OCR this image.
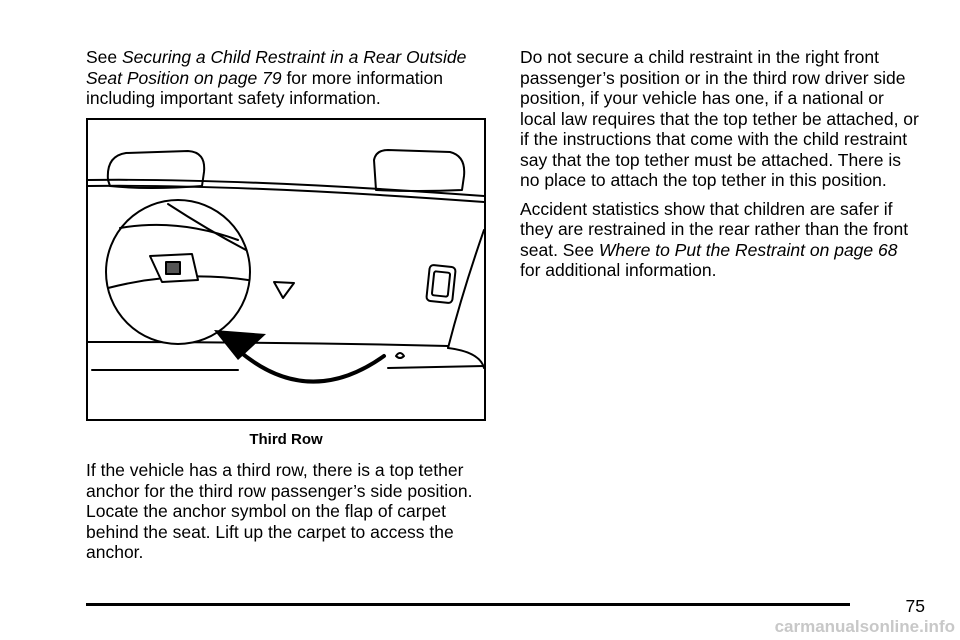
See Securing a Child Restraint in a Rear Outside Seat Position on page 79 for more information including important safety information.

Third Row

If the vehicle has a third row, there is a top tether anchor for the third row passenger’s side position. Locate the anchor symbol on the flap of carpet behind the seat. Lift up the carpet to access the anchor.

Do not secure a child restraint in the right front passenger’s position or in the third row driver side position, if your vehicle has one, if a national or local law requires that the top tether be attached, or if the instructions that come with the child restraint say that the top tether must be attached. There is no place to attach the top tether in this position.

Accident statistics show that children are safer if they are restrained in the rear rather than the front seat. See Where to Put the Restraint on page 68 for additional information.

75
carmanualsonline.info
